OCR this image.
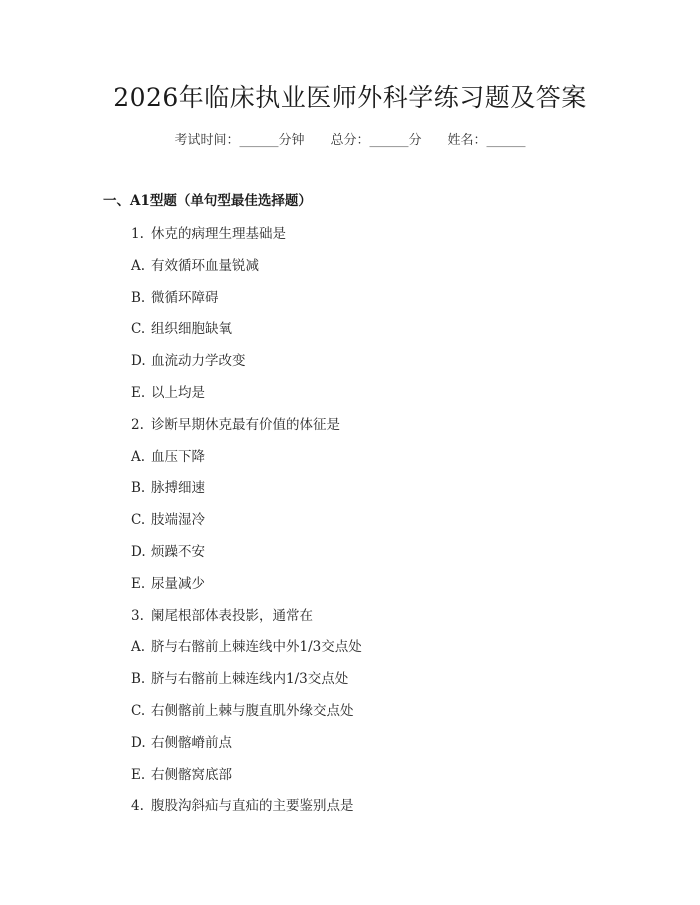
2026年临床执业医师外科学练习题及答案
考试时间：______分钟 总分：______分 姓名：______
一、A1型题（单句型最佳选择题）
1. 休克的病理生理基础是
A. 有效循环血量锐减
B. 微循环障碍
C. 组织细胞缺氧
D. 血流动力学改变
E. 以上均是
2. 诊断早期休克最有价值的体征是
A. 血压下降
B. 脉搏细速
C. 肢端湿冷
D. 烦躁不安
E. 尿量减少
3. 阑尾根部体表投影，通常在
A. 脐与右髂前上棘连线中外1/3交点处
B. 脐与右髂前上棘连线内1/3交点处
C. 右侧髂前上棘与腹直肌外缘交点处
D. 右侧髂嵴前点
E. 右侧髂窝底部
4. 腹股沟斜疝与直疝的主要鉴别点是
